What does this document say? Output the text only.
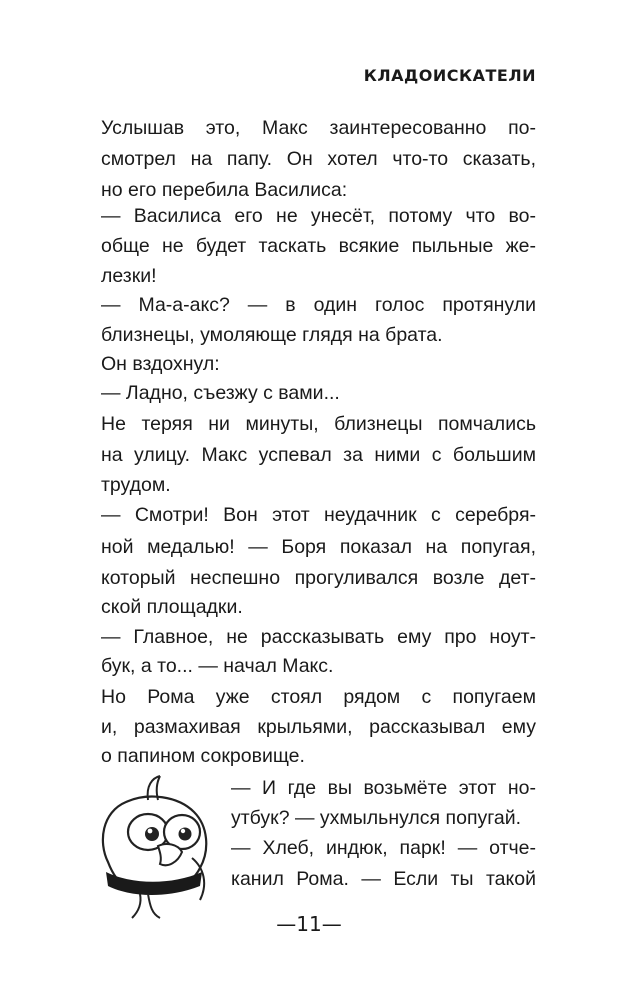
КЛАДОИСКАТЕЛИ
Услышав это, Макс заинтересованно по-
смотрел на папу. Он хотел что-то сказать,
но его перебила Василиса:
— Василиса его не унесёт, потому что во-
обще не будет таскать всякие пыльные же-
лезки!
— Ма-а-акс? — в один голос протянули
близнецы, умоляюще глядя на брата.
Он вздохнул:
— Ладно, съезжу с вами...
Не теряя ни минуты, близнецы помчались
на улицу. Макс успевал за ними с большим
трудом.
— Смотри! Вон этот неудачник с серебря-
ной медалью! — Боря показал на попугая,
который неспешно прогуливался возле дет-
ской площадки.
— Главное, не рассказывать ему про ноут-
бук, а то... — начал Макс.
Но Рома уже стоял рядом с попугаем
и, размахивая крыльями, рассказывал ему
о папином сокровище.
— И где вы возьмёте этот но-
утбук? — ухмыльнулся попугай.
— Хлеб, индюк, парк! — отче-
канил Рома. — Если ты такой
—11—
